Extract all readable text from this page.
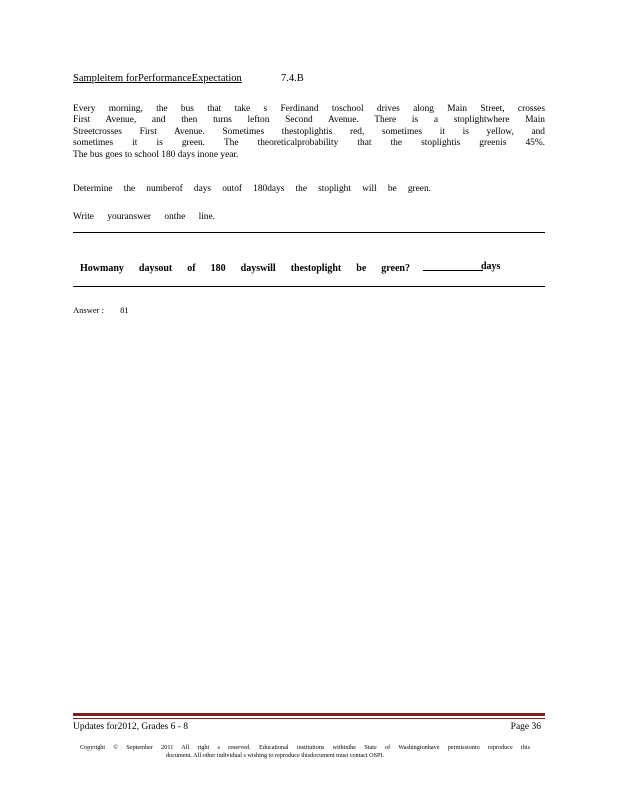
Sampleitem forPerformanceExpectation	7.4.B
Every morning, the bus that take s Ferdinand toschool drives along Main Street, crosses
First Avenue, and then turns lefton Second Avenue. There is a stoplightwhere Main
Streetcrosses First Avenue. Sometimes thestoplightis red, sometimes it is yellow, and
sometimes it is green. The theoreticalprobability that the stoplightis greenis 45%.
The bus goes to school 180 days inone year.
Determine the numberof days outof 180days the stoplight will be green.
Write youranswer onthe line.
Howmany daysout of 180 dayswill thestoplight be green?	days
Answer : 81
Updates for2012, Grades 6 - 8	Page 36
Copyright © September 2011 All right s reserved. Educational institutions withinthe State of Washingtonhave permissionto reproduce this
document. All other individual s wishing to reproduce thisdocument must contact OSPI.
